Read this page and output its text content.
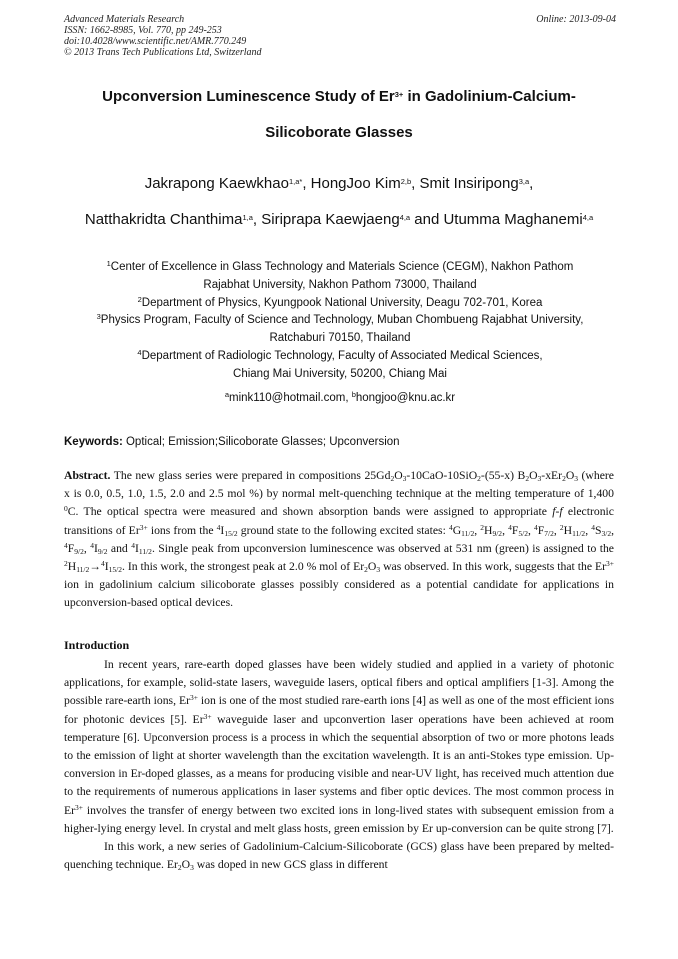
Advanced Materials Research
ISSN: 1662-8985, Vol. 770, pp 249-253
doi:10.4028/www.scientific.net/AMR.770.249
© 2013 Trans Tech Publications Ltd, Switzerland
Online: 2013-09-04
Upconversion Luminescence Study of $Er^{3+}$ in Gadolinium-Calcium-
Silicoborate Glasses
Jakrapong Kaewkhao$^{1,a*}$, HongJoo Kim$^{2,b}$, Smit Insiripong$^{3,a}$,
Natthakridta Chanthima$^{1,a}$, Siriprapa Kaewjaeng$^{4,a}$ and Utumma Maghanemi$^{4,a}$
$^1$Center of Excellence in Glass Technology and Materials Science (CEGM), Nakhon Pathom
Rajabhat University, Nakhon Pathom 73000, Thailand
$^2$Department of Physics, Kyungpook National University, Deagu 702-701, Korea
$^3$Physics Program, Faculty of Science and Technology, Muban Chombueng Rajabhat University,
Ratchaburi 70150, Thailand
$^4$Department of Radiologic Technology, Faculty of Associated Medical Sciences,
Chiang Mai University, 50200, Chiang Mai
$^a$mink110@hotmail.com, $^b$hongjoo@knu.ac.kr
Keywords: Optical; Emission;Silicoborate Glasses; Upconversion
Abstract. The new glass series were prepared in compositions $25Gd_2O_3-10CaO-10SiO_2-(55-x)$ $B_2O_3-xEr_2O_3$ (where x is 0.0, 0.5, 1.0, 1.5, 2.0 and 2.5 mol %) by normal melt-quenching technique at the melting temperature of 1,400 $^0$C. The optical spectra were measured and shown absorption bands were assigned to appropriate f-f electronic transitions of $Er^{3+}$ ions from the $^4I_{15/2}$ ground state to the following excited states: $^4G_{11/2}$, $^2H_{9/2}$, $^4F_{5/2}$, $^4F_{7/2}$, $^2H_{11/2}$, $^4S_{3/2}$, $^4F_{9/2}$, $^4I_{9/2}$ and $^4I_{11/2}$. Single peak from upconversion luminescence was observed at 531 nm (green) is assigned to the $^2H_{11/2}\to^4I_{15/2}$. In this work, the strongest peak at 2.0 % mol of $Er_2O_3$ was observed. In this work, suggests that the $Er^{3+}$ ion in gadolinium calcium silicoborate glasses possibly considered as a potential candidate for applications in upconversion-based optical devices.
Introduction

In recent years, rare-earth doped glasses have been widely studied and applied in a variety of photonic applications, for example, solid-state lasers, waveguide lasers, optical fibers and optical amplifiers [1-3]. Among the possible rare-earth ions, $Er^{3+}$ ion is one of the most studied rare-earth ions [4] as well as one of the most efficient ions for photonic devices [5]. $Er^{3+}$ waveguide laser and upconvertion laser operations have been achieved at room temperature [6]. Upconversion process is a process in which the sequential absorption of two or more photons leads to the emission of light at shorter wavelength than the excitation wavelength. It is an anti-Stokes type emission. Up-conversion in Er-doped glasses, as a means for producing visible and near-UV light, has received much attention due to the requirements of numerous applications in laser systems and fiber optic devices. The most common process in $Er^{3+}$ involves the transfer of energy between two excited ions in long-lived states with subsequent emission from a higher-lying energy level. In crystal and melt glass hosts, green emission by Er up-conversion can be quite strong [7].

In this work, a new series of Gadolinium-Calcium-Silicoborate (GCS) glass have been prepared by melted-quenching technique. $Er_2O_3$ was doped in new GCS glass in different
